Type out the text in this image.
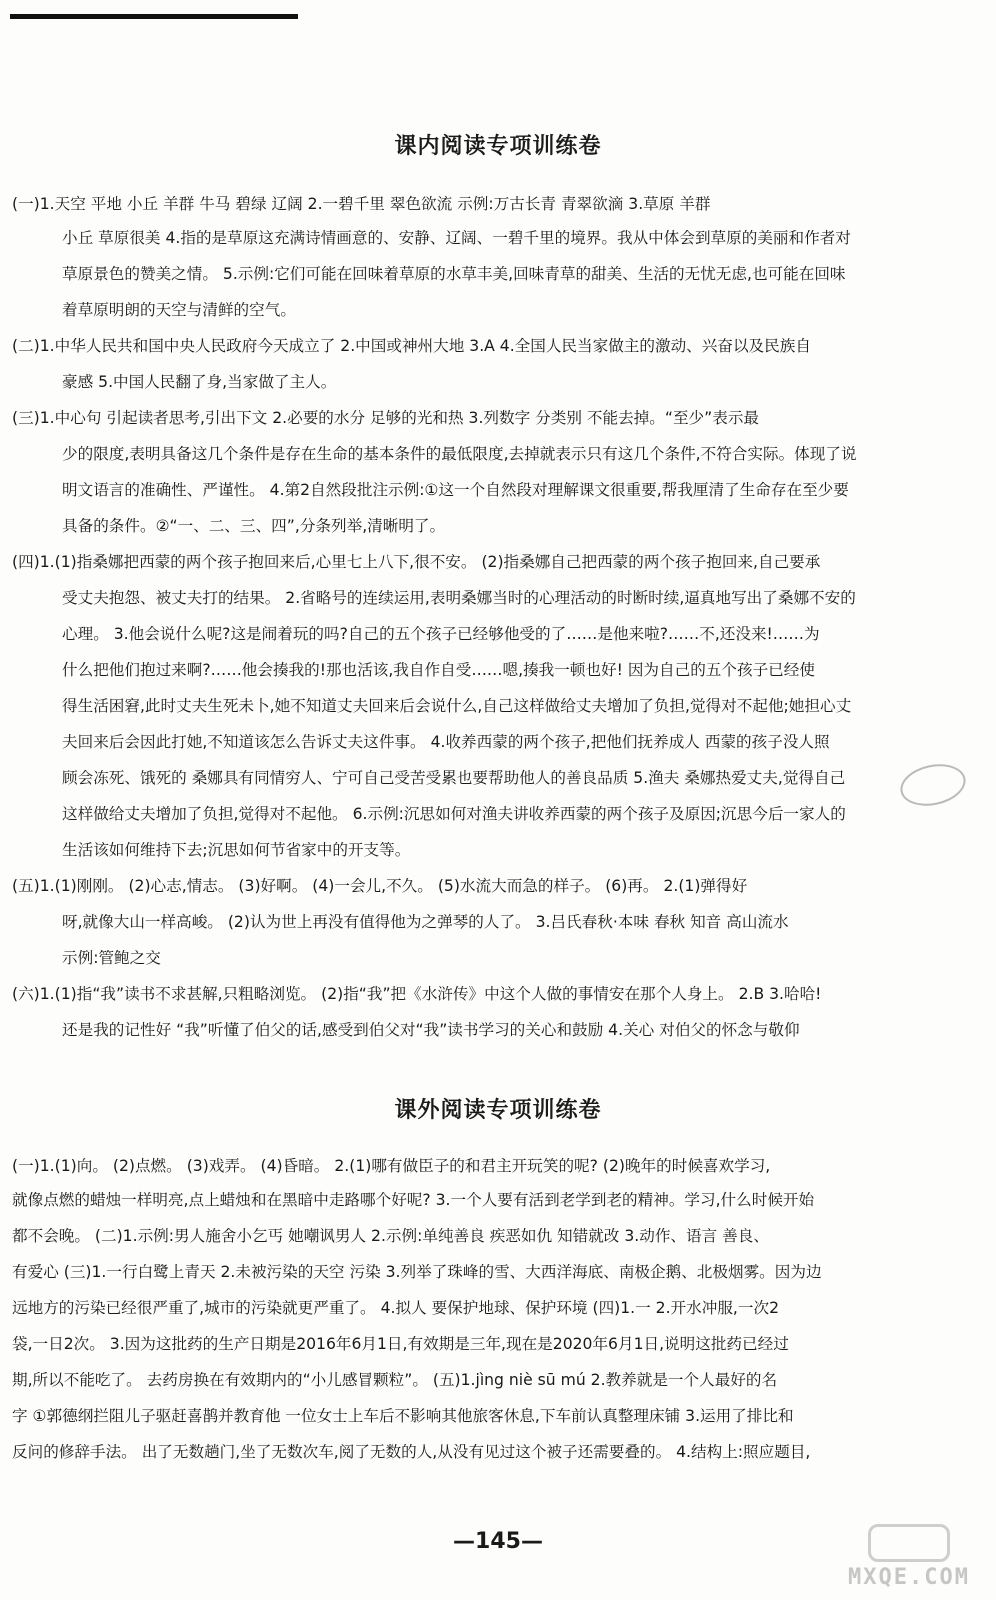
课内阅读专项训练卷
(一)1.天空 平地 小丘 羊群 牛马 碧绿 辽阔 2.一碧千里 翠色欲流 示例:万古长青 青翠欲滴 3.草原 羊群
小丘 草原很美 4.指的是草原这充满诗情画意的、安静、辽阔、一碧千里的境界。我从中体会到草原的美丽和作者对
草原景色的赞美之情。 5.示例:它们可能在回味着草原的水草丰美,回味青草的甜美、生活的无忧无虑,也可能在回味
着草原明朗的天空与清鲜的空气。
(二)1.中华人民共和国中央人民政府今天成立了 2.中国或神州大地 3.A 4.全国人民当家做主的激动、兴奋以及民族自
豪感 5.中国人民翻了身,当家做了主人。
(三)1.中心句 引起读者思考,引出下文 2.必要的水分 足够的光和热 3.列数字 分类别 不能去掉。“至少”表示最
少的限度,表明具备这几个条件是存在生命的基本条件的最低限度,去掉就表示只有这几个条件,不符合实际。体现了说
明文语言的准确性、严谨性。 4.第2自然段批注示例:①这一个自然段对理解课文很重要,帮我厘清了生命存在至少要
具备的条件。②“一、二、三、四”,分条列举,清晰明了。
(四)1.(1)指桑娜把西蒙的两个孩子抱回来后,心里七上八下,很不安。 (2)指桑娜自己把西蒙的两个孩子抱回来,自己要承
受丈夫抱怨、被丈夫打的结果。 2.省略号的连续运用,表明桑娜当时的心理活动的时断时续,逼真地写出了桑娜不安的
心理。 3.他会说什么呢?这是闹着玩的吗?自己的五个孩子已经够他受的了……是他来啦?……不,还没来!……为
什么把他们抱过来啊?……他会揍我的!那也活该,我自作自受……嗯,揍我一顿也好! 因为自己的五个孩子已经使
得生活困窘,此时丈夫生死未卜,她不知道丈夫回来后会说什么,自己这样做给丈夫增加了负担,觉得对不起他;她担心丈
夫回来后会因此打她,不知道该怎么告诉丈夫这件事。 4.收养西蒙的两个孩子,把他们抚养成人 西蒙的孩子没人照
顾会冻死、饿死的 桑娜具有同情穷人、宁可自己受苦受累也要帮助他人的善良品质 5.渔夫 桑娜热爱丈夫,觉得自己
这样做给丈夫增加了负担,觉得对不起他。 6.示例:沉思如何对渔夫讲收养西蒙的两个孩子及原因;沉思今后一家人的
生活该如何维持下去;沉思如何节省家中的开支等。
(五)1.(1)刚刚。 (2)心志,情志。 (3)好啊。 (4)一会儿,不久。 (5)水流大而急的样子。 (6)再。 2.(1)弹得好
呀,就像大山一样高峻。 (2)认为世上再没有值得他为之弹琴的人了。 3.吕氏春秋·本味 春秋 知音 高山流水
示例:管鲍之交
(六)1.(1)指“我”读书不求甚解,只粗略浏览。 (2)指“我”把《水浒传》中这个人做的事情安在那个人身上。 2.B 3.哈哈!
还是我的记性好 “我”听懂了伯父的话,感受到伯父对“我”读书学习的关心和鼓励 4.关心 对伯父的怀念与敬仰
课外阅读专项训练卷
(一)1.(1)向。 (2)点燃。 (3)戏弄。 (4)昏暗。 2.(1)哪有做臣子的和君主开玩笑的呢? (2)晚年的时候喜欢学习,
就像点燃的蜡烛一样明亮,点上蜡烛和在黑暗中走路哪个好呢? 3.一个人要有活到老学到老的精神。学习,什么时候开始
都不会晚。 (二)1.示例:男人施舍小乞丐 她嘲讽男人 2.示例:单纯善良 疾恶如仇 知错就改 3.动作、语言 善良、
有爱心 (三)1.一行白鹭上青天 2.未被污染的天空 污染 3.列举了珠峰的雪、大西洋海底、南极企鹅、北极烟雾。因为边
远地方的污染已经很严重了,城市的污染就更严重了。 4.拟人 要保护地球、保护环境 (四)1.一 2.开水冲服,一次2
袋,一日2次。 3.因为这批药的生产日期是2016年6月1日,有效期是三年,现在是2020年6月1日,说明这批药已经过
期,所以不能吃了。 去药房换在有效期内的“小儿感冒颗粒”。 (五)1.jìng niè sū mú 2.教养就是一个人最好的名
字 ①郭德纲拦阻儿子驱赶喜鹊并教育他 一位女士上车后不影响其他旅客休息,下车前认真整理床铺 3.运用了排比和
反问的修辞手法。 出了无数趟门,坐了无数次车,阅了无数的人,从没有见过这个被子还需要叠的。 4.结构上:照应题目,
—145—
MXQE.COM
